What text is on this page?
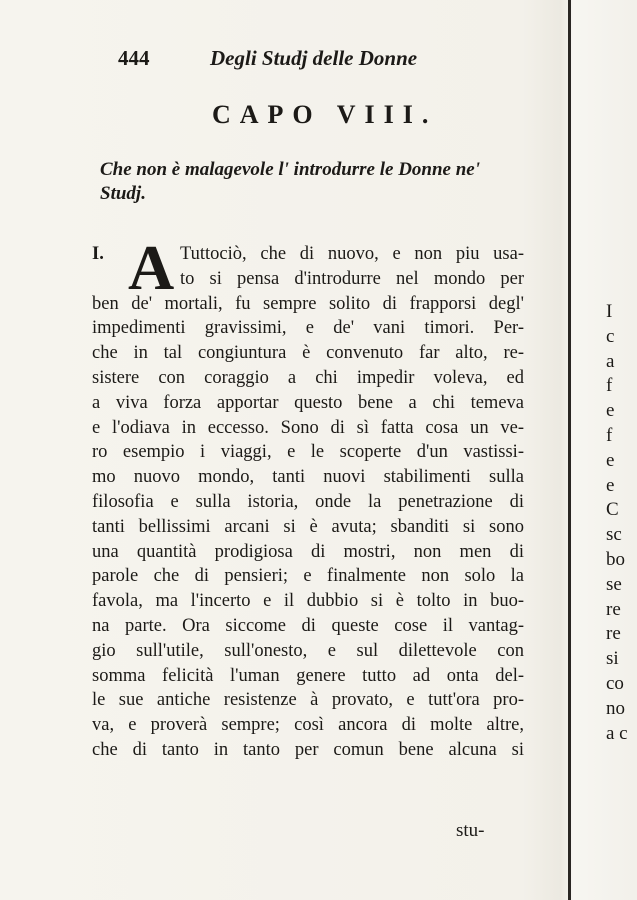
444	Degli Studj delle Donne
CAPO VIII.
Che non è malagevole l' introdurre le Donne ne' Studj.
I. A Tuttociò, che di nuovo, e non piu usa-
to si pensa d'introdurre nel mondo per
ben de' mortali, fu sempre solito di frapporsi degl'
impedimenti gravissimi, e de' vani timori. Per-
che in tal congiuntura è convenuto far alto, re-
sistere con coraggio a chi impedir voleva, ed
a viva forza apportar questo bene a chi temeva
e l'odiava in eccesso. Sono di sì fatta cosa un ve-
ro esempio i viaggi, e le scoperte d'un vastissi-
mo nuovo mondo, tanti nuovi stabilimenti sulla
filosofia e sulla istoria, onde la penetrazione di
tanti bellissimi arcani si è avuta; sbanditi si sono
una quantità prodigiosa di mostri, non men di
parole che di pensieri; e finalmente non solo la
favola, ma l'incerto e il dubbio si è tolto in buo-
na parte. Ora siccome di queste cose il vantag-
gio sull'utile, sull'onesto, e sul dilettevole con
somma felicità l'uman genere tutto ad onta del-
le sue antiche resistenze à provato, e tutt'ora pro-
va, e proverà sempre; così ancora di molte altre,
che di tanto in tanto per comun bene alcuna si
stu-
I
c
a
f
e
f
e
e
C
sc
bo
se
re
re
si
co
no
a c
